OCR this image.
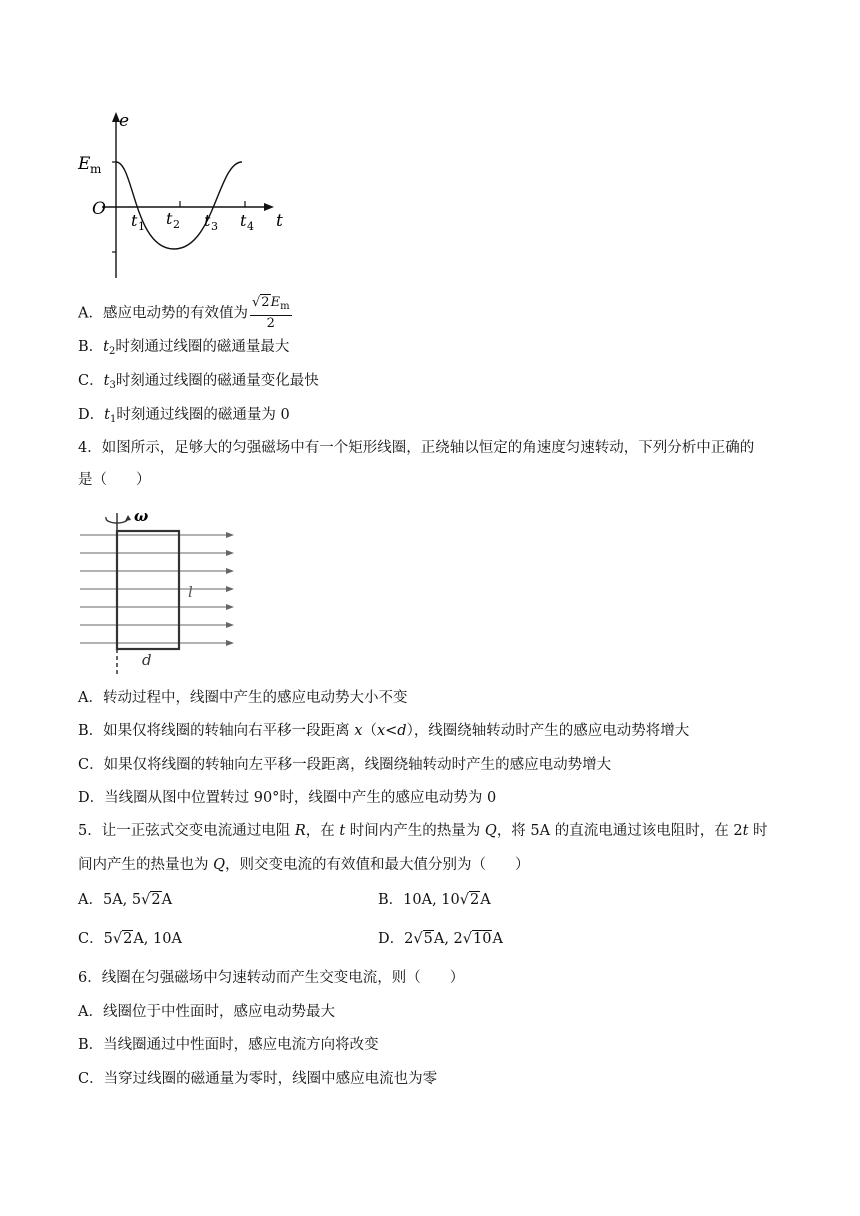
e
E m
O
t 1 t 2 t 3 t 4 t
A．感应电动势的有效值为 $\frac{√2E_m}{2}$
B．$t_2$时刻通过线圈的磁通量最大
C．$t_3$时刻通过线圈的磁通量变化最快
D．$t_1$时刻通过线圈的磁通量为 0
4．如图所示，足够大的匀强磁场中有一个矩形线圈，正绕轴以恒定的角速度匀速转动，下列分析中正确的
是（　　）
ω
l
d
A．转动过程中，线圈中产生的感应电动势大小不变
B．如果仅将线圈的转轴向右平移一段距离 x（x<d），线圈绕轴转动时产生的感应电动势将增大
C．如果仅将线圈的转轴向左平移一段距离，线圈绕轴转动时产生的感应电动势增大
D．当线圈从图中位置转过 90°时，线圈中产生的感应电动势为 0
5．让一正弦式交变电流通过电阻 R，在 t 时间内产生的热量为 Q，将 5A 的直流电通过该电阻时，在 2t 时
间内产生的热量也为 Q，则交变电流的有效值和最大值分别为（　　）
A．5A, 5√2A	B．10A, 10√2A
C．5√2A, 10A	D．2√5A, 2√10A
6．线圈在匀强磁场中匀速转动而产生交变电流，则（　　）
A．线圈位于中性面时，感应电动势最大
B．当线圈通过中性面时，感应电流方向将改变
C．当穿过线圈的磁通量为零时，线圈中感应电流也为零
